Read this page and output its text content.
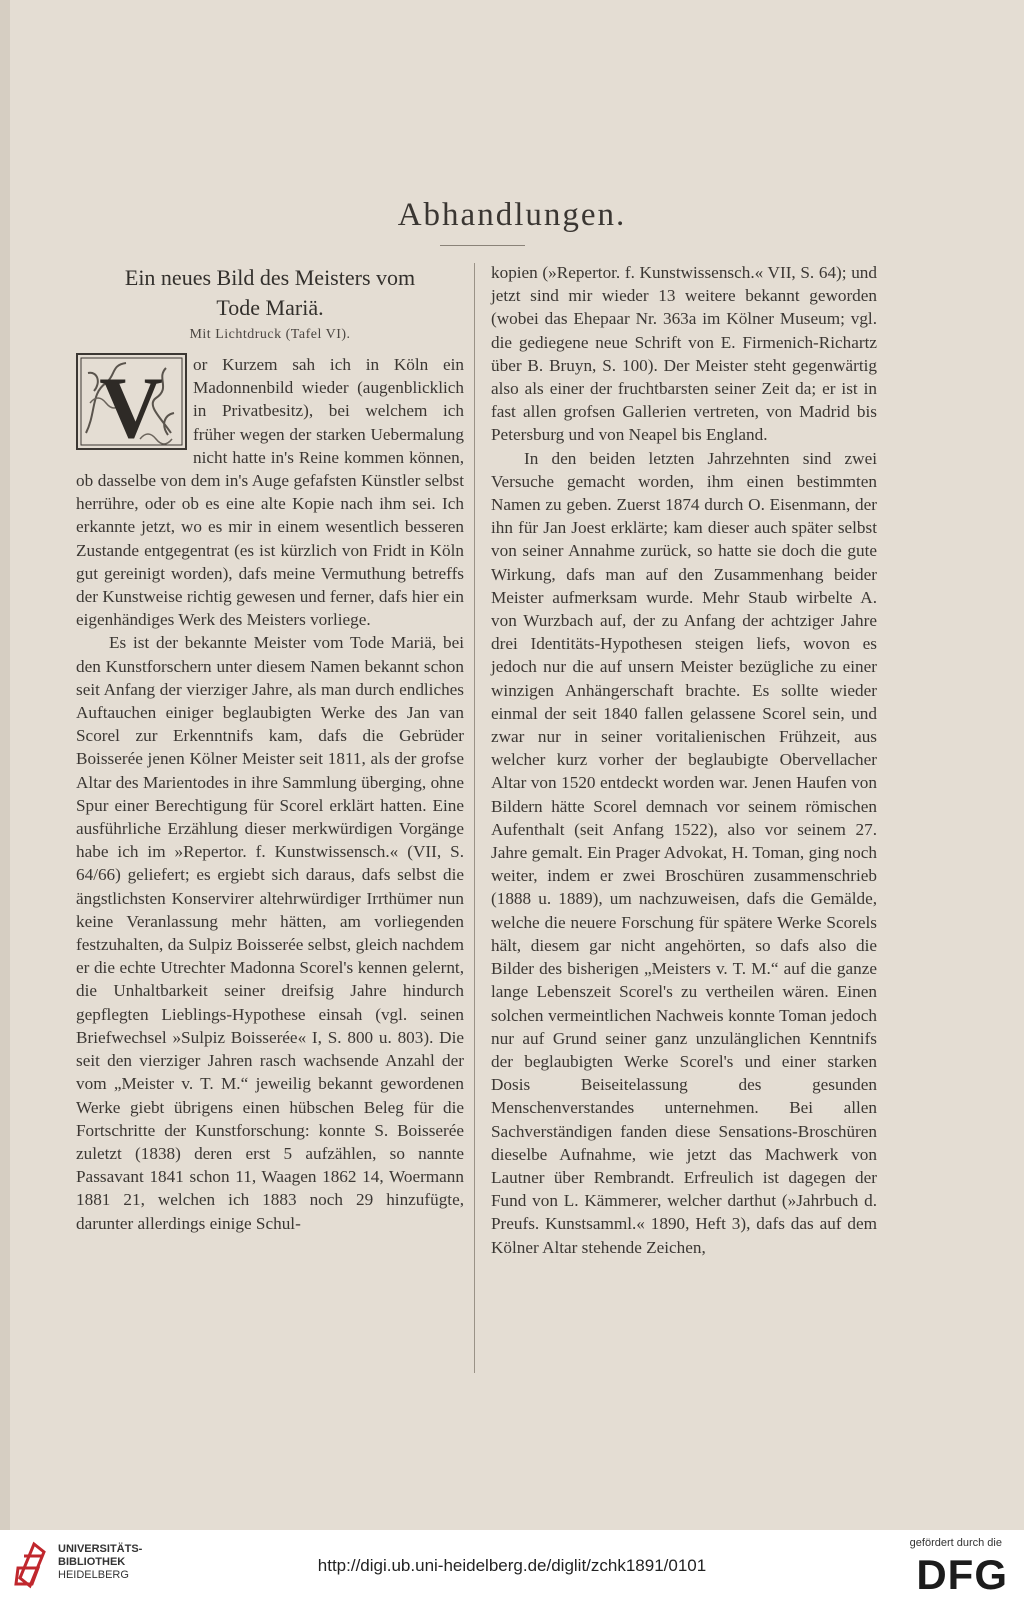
Abhandlungen.
Ein neues Bild des Meisters vom
Tode Mariä.
Mit Lichtdruck (Tafel VI).
V	or Kurzem sah ich in Köln ein Madonnenbild wieder (augenblicklich in Privatbesitz), bei welchem ich früher wegen der starken Uebermalung nicht hatte in's Reine kommen können, ob dasselbe von dem in's Auge gefafsten Künstler selbst herrühre, oder ob es eine alte Kopie nach ihm sei. Ich erkannte jetzt, wo es mir in einem wesentlich besseren Zustande entgegentrat (es ist kürzlich von Fridt in Köln gut gereinigt worden), dafs meine Vermuthung betreffs der Kunstweise richtig gewesen und ferner, dafs hier ein eigenhändiges Werk des Meisters vorliege.

Es ist der bekannte Meister vom Tode Mariä, bei den Kunstforschern unter diesem Namen bekannt schon seit Anfang der vierziger Jahre, als man durch endliches Auftauchen einiger beglaubigten Werke des Jan van Scorel zur Erkenntnifs kam, dafs die Gebrüder Boisserée jenen Kölner Meister seit 1811, als der grofse Altar des Marientodes in ihre Sammlung überging, ohne Spur einer Berechtigung für Scorel erklärt hatten. Eine ausführliche Erzählung dieser merkwürdigen Vorgänge habe ich im »Repertor. f. Kunstwissensch.« (VII, S. 64/66) geliefert; es ergiebt sich daraus, dafs selbst die ängstlichsten Konservirer altehrwürdiger Irrthümer nun keine Veranlassung mehr hätten, am vorliegenden festzuhalten, da Sulpiz Boisserée selbst, gleich nachdem er die echte Utrechter Madonna Scorel's kennen gelernt, die Unhaltbarkeit seiner dreifsig Jahre hindurch gepflegten Lieblings-Hypothese einsah (vgl. seinen Briefwechsel »Sulpiz Boisserée« I, S. 800 u. 803). Die seit den vierziger Jahren rasch wachsende Anzahl der vom „Meister v. T. M.“ jeweilig bekannt gewordenen Werke giebt übrigens einen hübschen Beleg für die Fortschritte der Kunstforschung: konnte S. Boisserée zuletzt (1838) deren erst 5 aufzählen, so nannte Passavant 1841 schon 11, Waagen 1862 14, Woermann 1881 21, welchen ich 1883 noch 29 hinzufügte, darunter allerdings einige Schul-

kopien (»Repertor. f. Kunstwissensch.« VII, S. 64); und jetzt sind mir wieder 13 weitere bekannt geworden (wobei das Ehepaar Nr. 363a im Kölner Museum; vgl. die gediegene neue Schrift von E. Firmenich-Richartz über B. Bruyn, S. 100). Der Meister steht gegenwärtig also als einer der fruchtbarsten seiner Zeit da; er ist in fast allen grofsen Gallerien vertreten, von Madrid bis Petersburg und von Neapel bis England.

In den beiden letzten Jahrzehnten sind zwei Versuche gemacht worden, ihm einen bestimmten Namen zu geben. Zuerst 1874 durch O. Eisenmann, der ihn für Jan Joest erklärte; kam dieser auch später selbst von seiner Annahme zurück, so hatte sie doch die gute Wirkung, dafs man auf den Zusammenhang beider Meister aufmerksam wurde. Mehr Staub wirbelte A. von Wurzbach auf, der zu Anfang der achtziger Jahre drei Identitäts-Hypothesen steigen liefs, wovon es jedoch nur die auf unsern Meister bezügliche zu einer winzigen Anhängerschaft brachte. Es sollte wieder einmal der seit 1840 fallen gelassene Scorel sein, und zwar nur in seiner voritalienischen Frühzeit, aus welcher kurz vorher der beglaubigte Obervellacher Altar von 1520 entdeckt worden war. Jenen Haufen von Bildern hätte Scorel demnach vor seinem römischen Aufenthalt (seit Anfang 1522), also vor seinem 27. Jahre gemalt. Ein Prager Advokat, H. Toman, ging noch weiter, indem er zwei Broschüren zusammenschrieb (1888 u. 1889), um nachzuweisen, dafs die Gemälde, welche die neuere Forschung für spätere Werke Scorels hält, diesem gar nicht angehörten, so dafs also die Bilder des bisherigen „Meisters v. T. M.“ auf die ganze lange Lebenszeit Scorel's zu vertheilen wären. Einen solchen vermeintlichen Nachweis konnte Toman jedoch nur auf Grund seiner ganz unzulänglichen Kenntnifs der beglaubigten Werke Scorel's und einer starken Dosis Beiseitelassung des gesunden Menschenverstandes unternehmen. Bei allen Sachverständigen fanden diese Sensations-Broschüren dieselbe Aufnahme, wie jetzt das Machwerk von Lautner über Rembrandt. Erfreulich ist dagegen der Fund von L. Kämmerer, welcher darthut (»Jahrbuch d. Preufs. Kunstsamml.« 1890, Heft 3), dafs das auf dem Kölner Altar stehende Zeichen,

UNIVERSITÄTS-
BIBLIOTHEK
HEIDELBERG	http://digi.ub.uni-heidelberg.de/diglit/zchk1891/0101
gefördert durch die
DFG
